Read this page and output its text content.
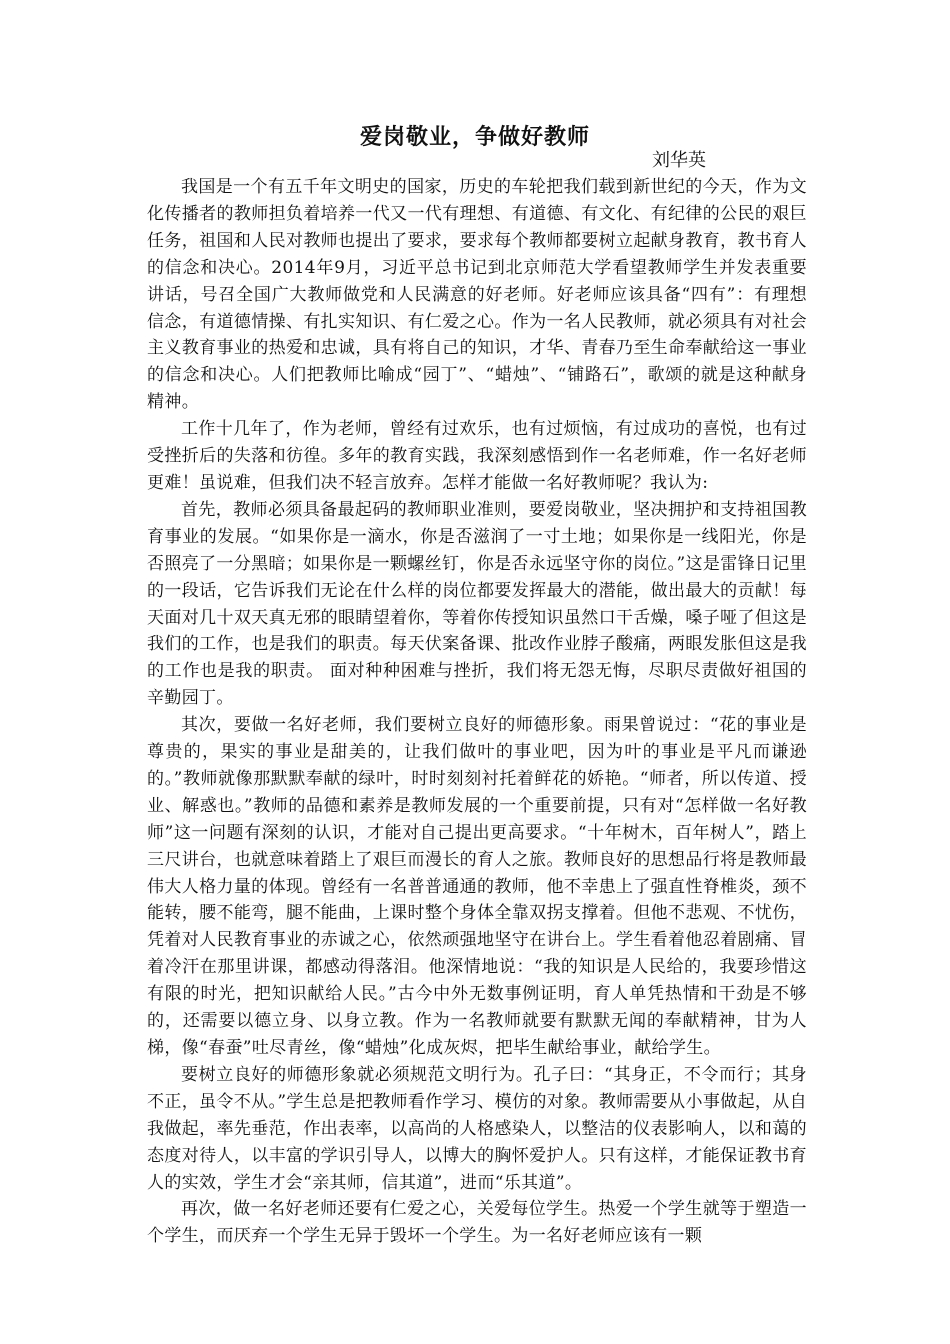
爱岗敬业，争做好教师

刘华英

我国是一个有五千年文明史的国家，历史的车轮把我们载到新世纪的今天，作为文化传播者的教师担负着培养一代又一代有理想、有道德、有文化、有纪律的公民的艰巨任务，祖国和人民对教师也提出了要求，要求每个教师都要树立起献身教育，教书育人的信念和决心。2014年9月，习近平总书记到北京师范大学看望教师学生并发表重要讲话，号召全国广大教师做党和人民满意的好老师。好老师应该具备“四有”：有理想信念，有道德情操、有扎实知识、有仁爱之心。作为一名人民教师，就必须具有对社会主义教育事业的热爱和忠诚，具有将自己的知识，才华、青春乃至生命奉献给这一事业的信念和决心。人们把教师比喻成“园丁”、“蜡烛”、“铺路石”，歌颂的就是这种献身精神。

工作十几年了，作为老师，曾经有过欢乐，也有过烦恼，有过成功的喜悦，也有过受挫折后的失落和彷徨。多年的教育实践，我深刻感悟到作一名老师难，作一名好老师更难！虽说难，但我们决不轻言放弃。怎样才能做一名好教师呢？我认为:

首先，教师必须具备最起码的教师职业准则，要爱岗敬业，坚决拥护和支持祖国教育事业的发展。“如果你是一滴水，你是否滋润了一寸土地；如果你是一线阳光，你是否照亮了一分黑暗；如果你是一颗螺丝钉，你是否永远坚守你的岗位。”这是雷锋日记里的一段话，它告诉我们无论在什么样的岗位都要发挥最大的潜能，做出最大的贡献！每天面对几十双天真无邪的眼睛望着你，等着你传授知识虽然口干舌燥，嗓子哑了但这是我们的工作，也是我们的职责。每天伏案备课、批改作业脖子酸痛，两眼发胀但这是我的工作也是我的职责。 面对种种困难与挫折，我们将无怨无悔，尽职尽责做好祖国的辛勤园丁。

其次，要做一名好老师，我们要树立良好的师德形象。雨果曾说过：“花的事业是尊贵的，果实的事业是甜美的，让我们做叶的事业吧，因为叶的事业是平凡而谦逊的。”教师就像那默默奉献的绿叶，时时刻刻衬托着鲜花的娇艳。“师者，所以传道、授业、解惑也。”教师的品德和素养是教师发展的一个重要前提，只有对“怎样做一名好教师”这一问题有深刻的认识，才能对自己提出更高要求。“十年树木，百年树人”，踏上三尺讲台，也就意味着踏上了艰巨而漫长的育人之旅。教师良好的思想品行将是教师最伟大人格力量的体现。曾经有一名普普通通的教师，他不幸患上了强直性脊椎炎，颈不能转，腰不能弯，腿不能曲，上课时整个身体全靠双拐支撑着。但他不悲观、不忧伤，凭着对人民教育事业的赤诚之心，依然顽强地坚守在讲台上。学生看着他忍着剧痛、冒着冷汗在那里讲课，都感动得落泪。他深情地说：“我的知识是人民给的，我要珍惜这有限的时光，把知识献给人民。”古今中外无数事例证明，育人单凭热情和干劲是不够的，还需要以德立身、以身立教。作为一名教师就要有默默无闻的奉献精神，甘为人梯，像“春蚕”吐尽青丝，像“蜡烛”化成灰烬，把毕生献给事业，献给学生。

要树立良好的师德形象就必须规范文明行为。孔子曰：“其身正，不令而行；其身不正，虽令不从。”学生总是把教师看作学习、模仿的对象。教师需要从小事做起，从自我做起，率先垂范，作出表率，以高尚的人格感染人，以整洁的仪表影响人，以和蔼的态度对待人，以丰富的学识引导人，以博大的胸怀爱护人。只有这样，才能保证教书育人的实效，学生才会“亲其师，信其道”，进而“乐其道”。

再次，做一名好老师还要有仁爱之心，关爱每位学生。热爱一个学生就等于塑造一个学生，而厌弃一个学生无异于毁坏一个学生。为一名好老师应该有一颗
